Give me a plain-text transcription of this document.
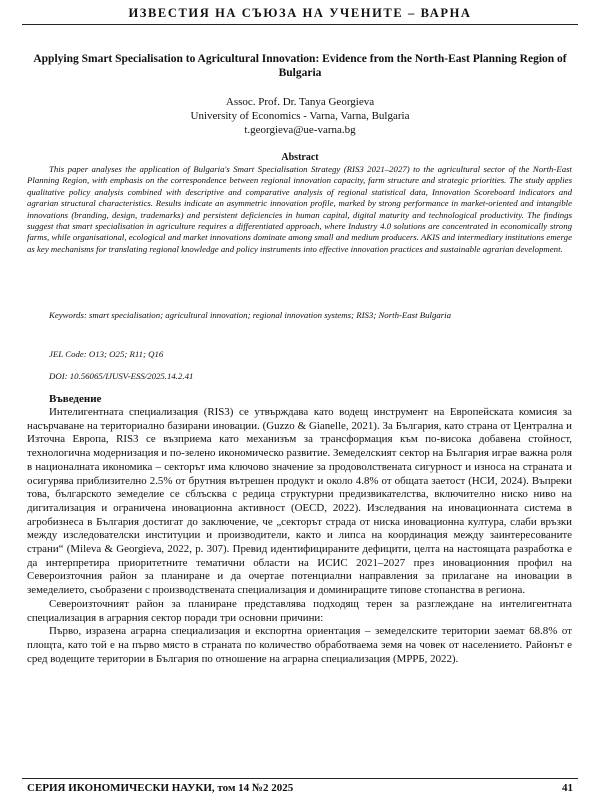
ИЗВЕСТИЯ НА СЪЮЗА НА УЧЕНИТЕ – ВАРНА
Applying Smart Specialisation to Agricultural Innovation: Evidence from the North-East Planning Region of Bulgaria
Assoc. Prof. Dr. Tanya Georgieva
University of Economics - Varna, Varna, Bulgaria
t.georgieva@ue-varna.bg
Abstract

This paper analyses the application of Bulgaria's Smart Specialisation Strategy (RIS3 2021–2027) to the agricultural sector of the North-East Planning Region, with emphasis on the correspondence between regional innovation capacity, farm structure and strategic priorities. The study applies qualitative policy analysis combined with descriptive and comparative analysis of regional statistical data, Innovation Scoreboard indicators and agrarian structural characteristics. Results indicate an asymmetric innovation profile, marked by strong performance in market-oriented and intangible innovations (branding, design, trademarks) and persistent deficiencies in human capital, digital maturity and technological productivity. The findings suggest that smart specialisation in agriculture requires a differentiated approach, where Industry 4.0 solutions are concentrated in economically strong farms, while organisational, ecological and market innovations dominate among small and medium producers. AKIS and intermediary institutions emerge as key mechanisms for translating regional knowledge and policy instruments into effective innovation practices and sustainable agrarian development.

Keywords: smart specialisation; agricultural innovation; regional innovation systems; RIS3; North-East Bulgaria

JEL Code: O13; O25; R11; Q16

DOI: 10.56065/IJUSV-ESS/2025.14.2.41

Въведение

Интелигентната специализация (RIS3) се утвърждава като водещ инструмент на Европейската комисия за насърчаване на териториално базирани иновации. (Guzzo & Gianelle, 2021). За България, като страна от Централна и Източна Европа, RIS3 се възприема като механизъм за трансформация към по-висока добавена стойност, технологична модернизация и по-зелено икономическо развитие. Земеделският сектор на България играе важна роля в националната икономика – секторът има ключово значение за продоволствената сигурност и износа на страната и осигурява приблизително 2.5% от брутния вътрешен продукт и около 4.8% от общата заетост (НСИ, 2024). Въпреки това, българското земеделие се сблъсква с редица структурни предизвикателства, включително ниско ниво на дигитализация и ограничена иновационна активност (OECD, 2022). Изследвания на иновационната система в агробизнеса в България достигат до заключение, че „секторът страда от ниска иновационна култура, слаби връзки между изследователски институции и производители, както и липса на координация между заинтересованите страни“ (Mileva & Georgieva, 2022, p. 307). Превид идентифицираните дефицити, целта на настоящата разработка е да интерпретира приоритетните тематични области на ИСИС 2021–2027 през иновационния профил на Североизточния район за планиране и да очертае потенциални направления за прилагане на иновации в земеделието, съобразени с производствената специализация и доминиращите типове стопанства в региона.

Североизточният район за планиране представлява подходящ терен за разглеждане на интелигентната специализация в аграрния сектор поради три основни причини:

Първо, изразена аграрна специализация и експортна ориентация – земеделските територии заемат 68.8% от площта, като той е на първо място в страната по количество обработваема земя на човек от населението. Районът е сред водещите територии в България по отношение на аграрна специализация (МРРБ, 2022).

СЕРИЯ ИКОНОМИЧЕСКИ НАУКИ, том 14 №2 2025	41
